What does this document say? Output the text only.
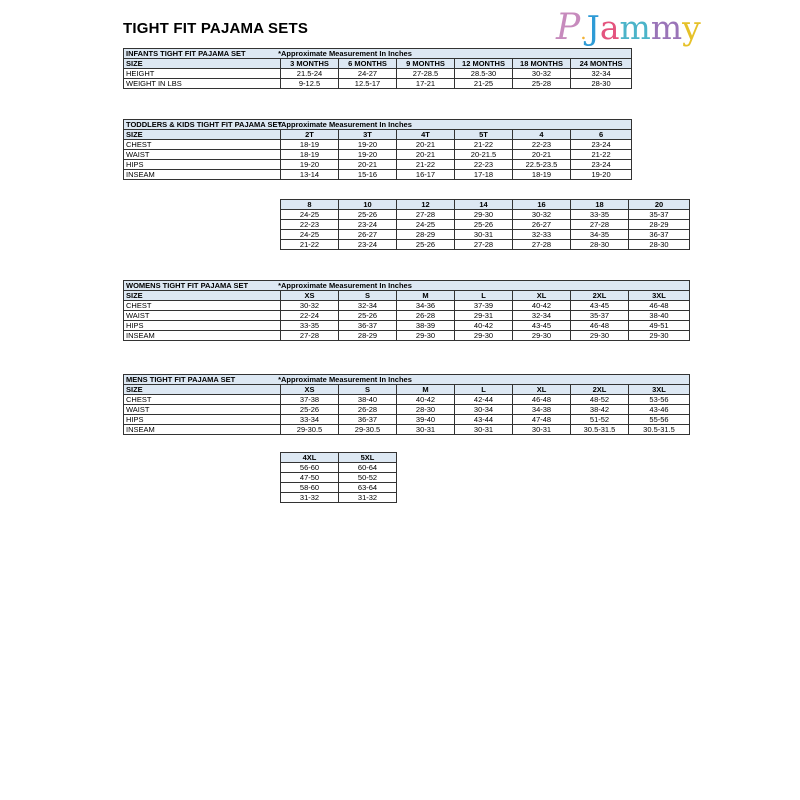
TIGHT FIT PAJAMA SETS	P.Jammy
INFANTS TIGHT FIT PAJAMA SET *Approximate Measurement In Inches						
SIZE	3 MONTHS	6 MONTHS	9 MONTHS	12 MONTHS	18 MONTHS	24 MONTHS
HEIGHT	21.5-24	24-27	27-28.5	28.5-30	30-32	32-34
WEIGHT IN LBS	9-12.5	12.5-17	17-21	21-25	25-28	28-30
TODDLERS & KIDS TIGHT FIT PAJAMA SET *Approximate Measurement In Inches						
SIZE	2T	3T	4T	5T	4	6
CHEST	18-19	19-20	20-21	21-22	22-23	23-24
WAIST	18-19	19-20	20-21	20-21.5	20-21	21-22
HIPS	19-20	20-21	21-22	22-23	22.5-23.5	23-24
INSEAM	13-14	15-16	16-17	17-18	18-19	19-20
8	10	12	14	16	18	20
24-25	25-26	27-28	29-30	30-32	33-35	35-37
22-23	23-24	24-25	25-26	26-27	27-28	28-29
24-25	26-27	28-29	30-31	32-33	34-35	36-37
21-22	23-24	25-26	27-28	27-28	28-30	28-30
WOMENS TIGHT FIT PAJAMA SET *Approximate Measurement In Inches							
SIZE	XS	S	M	L	XL	2XL	3XL
CHEST	30-32	32-34	34-36	37-39	40-42	43-45	46-48
WAIST	22-24	25-26	26-28	29-31	32-34	35-37	38-40
HIPS	33-35	36-37	38-39	40-42	43-45	46-48	49-51
INSEAM	27-28	28-29	29-30	29-30	29-30	29-30	29-30
MENS TIGHT FIT PAJAMA SET *Approximate Measurement In Inches							
SIZE	XS	S	M	L	XL	2XL	3XL
CHEST	37-38	38-40	40-42	42-44	46-48	48-52	53-56
WAIST	25-26	26-28	28-30	30-34	34-38	38-42	43-46
HIPS	33-34	36-37	39-40	43-44	47-48	51-52	55-56
INSEAM	29-30.5	29-30.5	30-31	30-31	30-31	30.5-31.5	30.5-31.5
4XL	5XL
56-60	60-64
47-50	50-52
58-60	63-64
31-32	31-32
